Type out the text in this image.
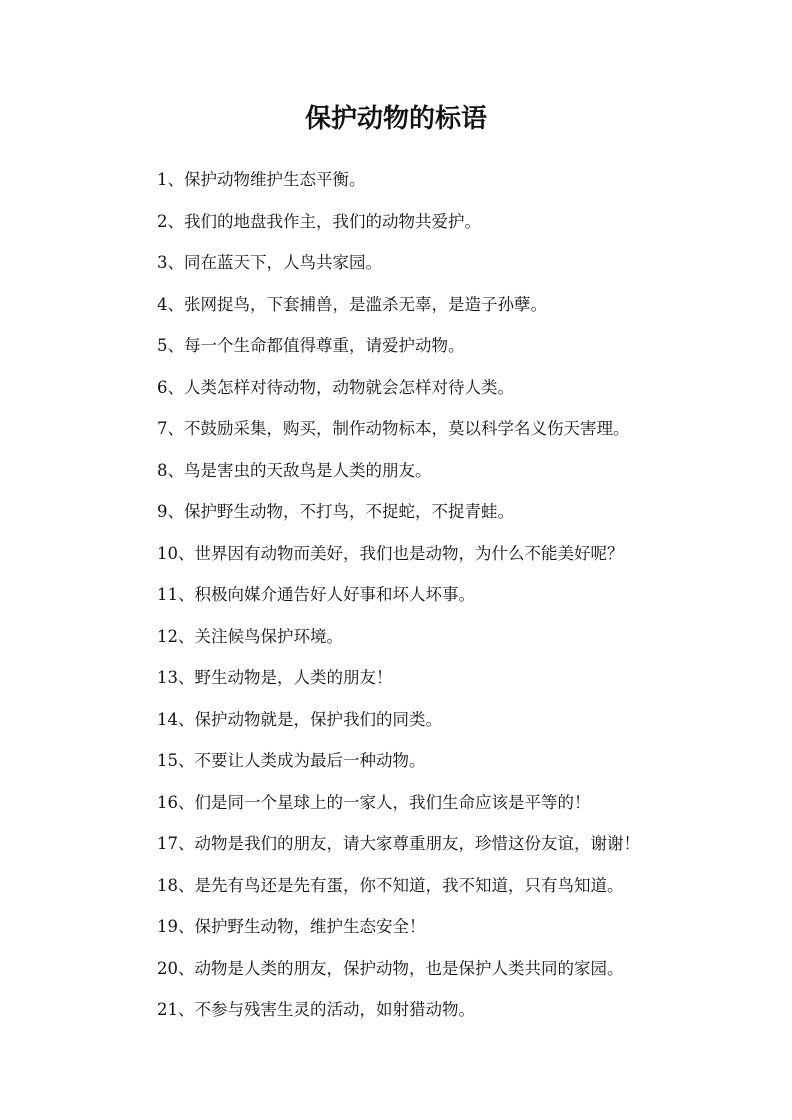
保护动物的标语
1、保护动物维护生态平衡。
2、我们的地盘我作主，我们的动物共爱护。
3、同在蓝天下，人鸟共家园。
4、张网捉鸟，下套捕兽，是滥杀无辜，是造子孙孽。
5、每一个生命都值得尊重，请爱护动物。
6、人类怎样对待动物，动物就会怎样对待人类。
7、不鼓励采集，购买，制作动物标本，莫以科学名义伤天害理。
8、鸟是害虫的天敌鸟是人类的朋友。
9、保护野生动物，不打鸟，不捉蛇，不捉青蛙。
10、世界因有动物而美好，我们也是动物，为什么不能美好呢？
11、积极向媒介通告好人好事和坏人坏事。
12、关注候鸟保护环境。
13、野生动物是，人类的朋友！
14、保护动物就是，保护我们的同类。
15、不要让人类成为最后一种动物。
16、们是同一个星球上的一家人，我们生命应该是平等的！
17、动物是我们的朋友，请大家尊重朋友，珍惜这份友谊，谢谢！
18、是先有鸟还是先有蛋，你不知道，我不知道，只有鸟知道。
19、保护野生动物，维护生态安全！
20、动物是人类的朋友，保护动物，也是保护人类共同的家园。
21、不参与残害生灵的活动，如射猎动物。
